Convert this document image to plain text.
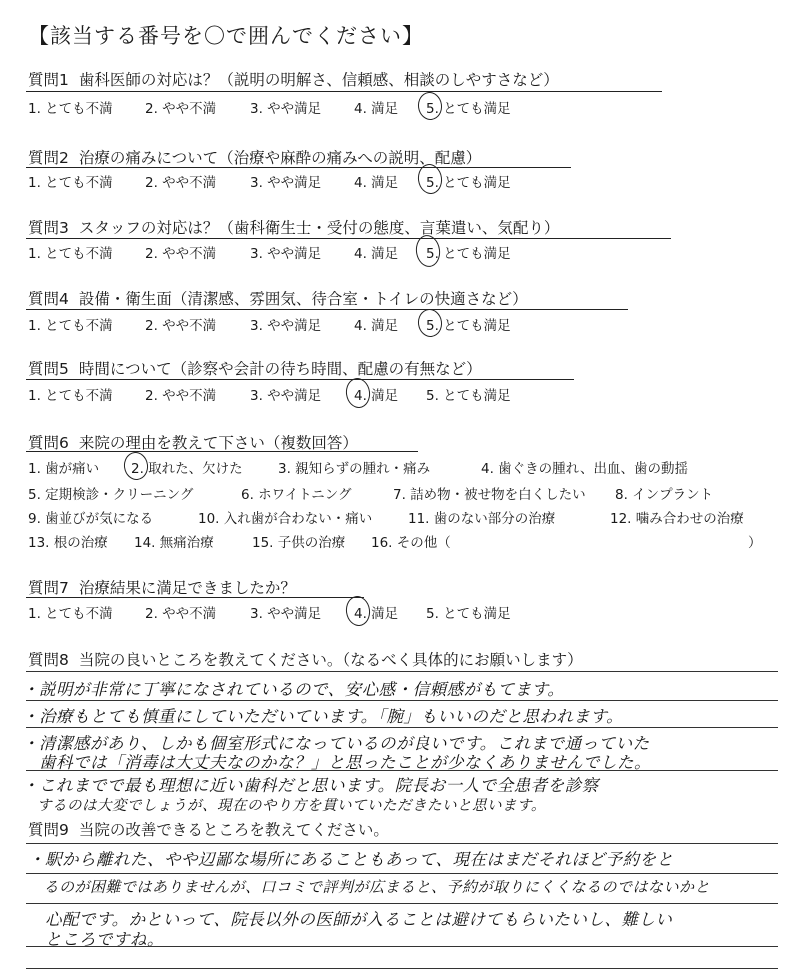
【該当する番号を〇で囲んでください】
質問1 歯科医師の対応は？（説明の明解さ、信頼感、相談のしやすさなど）
1. とても不満 2. やや不満	3. やや満足 4. 満足 5. とても満足
質問2 治療の痛みについて（治療や麻酔の痛みへの説明、配慮）
1. とても不満 2. やや不満	3. やや満足 4. 満足 5. とても満足
質問3 スタッフの対応は？（歯科衛生士・受付の態度、言葉遣い、気配り）
1. とても不満 2. やや不満	3. やや満足 4. 満足 5. とても満足
質問4 設備・衛生面（清潔感、雰囲気、待合室・トイレの快適さなど）
1. とても不満 2. やや不満	3. やや満足 4. 満足 5. とても満足
質問5 時間について（診察や会計の待ち時間、配慮の有無など）
1. とても不満 2. やや不満	3. やや満足 4. 満足 5. とても満足
質問6 来院の理由を教えて下さい（複数回答）
1. 歯が痛い 2. 取れた、欠けた	3. 親知らずの腫れ・痛み	4. 歯ぐきの腫れ、出血、歯の動揺
5. 定期検診・クリーニング	6. ホワイトニング	7. 詰め物・被せ物を白くしたい 8. インプラント
9. 歯並びが気になる	10. 入れ歯が合わない・痛い	11. 歯のない部分の治療	12. 噛み合わせの治療
13. 根の治療 14. 無痛治療	15. 子供の治療 16. その他（	）
質問7 治療結果に満足できましたか？
1. とても不満 2. やや不満	3. やや満足 4. 満足 5. とても満足
質問8 当院の良いところを教えてください。（なるべく具体的にお願いします）
・説明が非常に丁寧になされているので、安心感・信頼感がもてます。
・治療もとても慎重にしていただいています。「腕」もいいのだと思われます。
・清潔感があり、しかも個室形式になっているのが良いです。これまで通っていた
　歯科では「消毒は大丈夫なのかな？」と思ったことが少なくありませんでした。
・これまでで最も理想に近い歯科だと思います。院長お一人で全患者を診察
　するのは大変でしょうが、現在のやり方を貫いていただきたいと思います。
質問9 当院の改善できるところを教えてください。
・駅から離れた、やや辺鄙な場所にあることもあって、現在はまだそれほど予約をと
　るのが困難ではありませんが、口コミで評判が広まると、予約が取りにくくなるのではないかと
　心配です。かといって、院長以外の医師が入ることは避けてもらいたいし、難しい
　ところですね。
